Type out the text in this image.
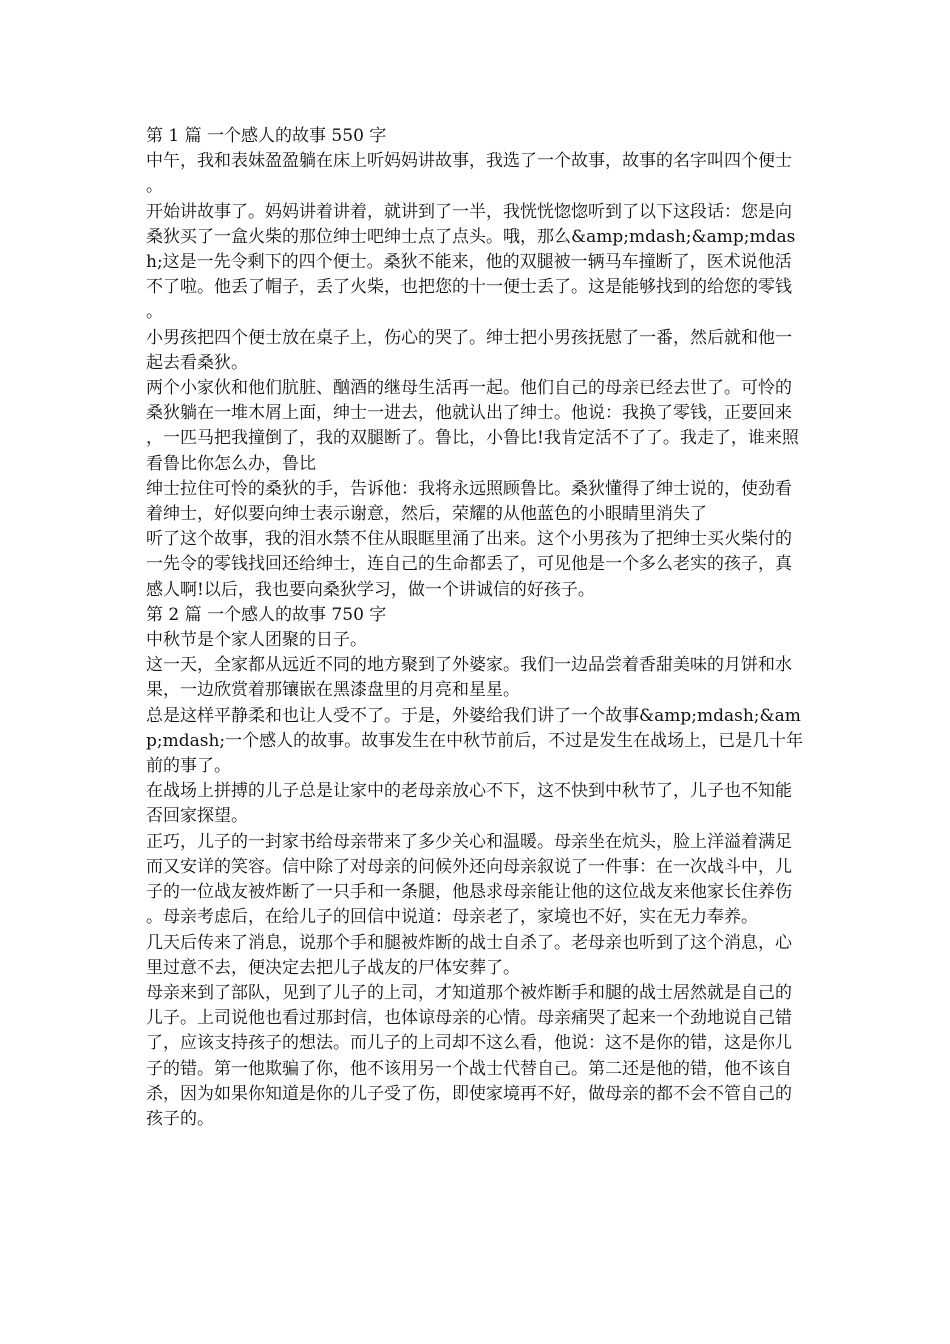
第 1 篇 一个感人的故事 550 字

中午，我和表妹盈盈躺在床上听妈妈讲故事，我选了一个故事，故事的名字叫四个便士。

开始讲故事了。妈妈讲着讲着，就讲到了一半，我恍恍惚惚听到了以下这段话：您是向桑狄买了一盒火柴的那位绅士吧绅士点了点头。哦，那么&amp;mdash;&amp;mdash;这是一先令剩下的四个便士。桑狄不能来，他的双腿被一辆马车撞断了，医术说他活不了啦。他丢了帽子，丢了火柴，也把您的十一便士丢了。这是能够找到的给您的零钱。

小男孩把四个便士放在桌子上，伤心的哭了。绅士把小男孩抚慰了一番，然后就和他一起去看桑狄。

两个小家伙和他们肮脏、酗酒的继母生活再一起。他们自己的母亲已经去世了。可怜的桑狄躺在一堆木屑上面，绅士一进去，他就认出了绅士。他说：我换了零钱，正要回来，一匹马把我撞倒了，我的双腿断了。鲁比，小鲁比!我肯定活不了了。我走了，谁来照看鲁比你怎么办，鲁比

绅士拉住可怜的桑狄的手，告诉他：我将永远照顾鲁比。桑狄懂得了绅士说的，使劲看着绅士，好似要向绅士表示谢意，然后，荣耀的从他蓝色的小眼睛里消失了

听了这个故事，我的泪水禁不住从眼眶里涌了出来。这个小男孩为了把绅士买火柴付的一先令的零钱找回还给绅士，连自己的生命都丢了，可见他是一个多么老实的孩子，真感人啊!以后，我也要向桑狄学习，做一个讲诚信的好孩子。

第 2 篇 一个感人的故事 750 字

中秋节是个家人团聚的日子。

这一天，全家都从远近不同的地方聚到了外婆家。我们一边品尝着香甜美味的月饼和水果，一边欣赏着那镶嵌在黑漆盘里的月亮和星星。

总是这样平静柔和也让人受不了。于是，外婆给我们讲了一个故事&amp;mdash;&amp;mdash;一个感人的故事。故事发生在中秋节前后，不过是发生在战场上，已是几十年前的事了。

在战场上拼搏的儿子总是让家中的老母亲放心不下，这不快到中秋节了，儿子也不知能否回家探望。

正巧，儿子的一封家书给母亲带来了多少关心和温暖。母亲坐在炕头，脸上洋溢着满足而又安详的笑容。信中除了对母亲的问候外还向母亲叙说了一件事：在一次战斗中，儿子的一位战友被炸断了一只手和一条腿，他恳求母亲能让他的这位战友来他家长住养伤。母亲考虑后，在给儿子的回信中说道：母亲老了，家境也不好，实在无力奉养。

几天后传来了消息，说那个手和腿被炸断的战士自杀了。老母亲也听到了这个消息，心里过意不去，便决定去把儿子战友的尸体安葬了。

母亲来到了部队，见到了儿子的上司，才知道那个被炸断手和腿的战士居然就是自己的儿子。上司说他也看过那封信，也体谅母亲的心情。母亲痛哭了起来一个劲地说自己错了，应该支持孩子的想法。而儿子的上司却不这么看，他说：这不是你的错，这是你儿子的错。第一他欺骗了你，他不该用另一个战士代替自己。第二还是他的错，他不该自杀，因为如果你知道是你的儿子受了伤，即使家境再不好，做母亲的都不会不管自己的孩子的。
